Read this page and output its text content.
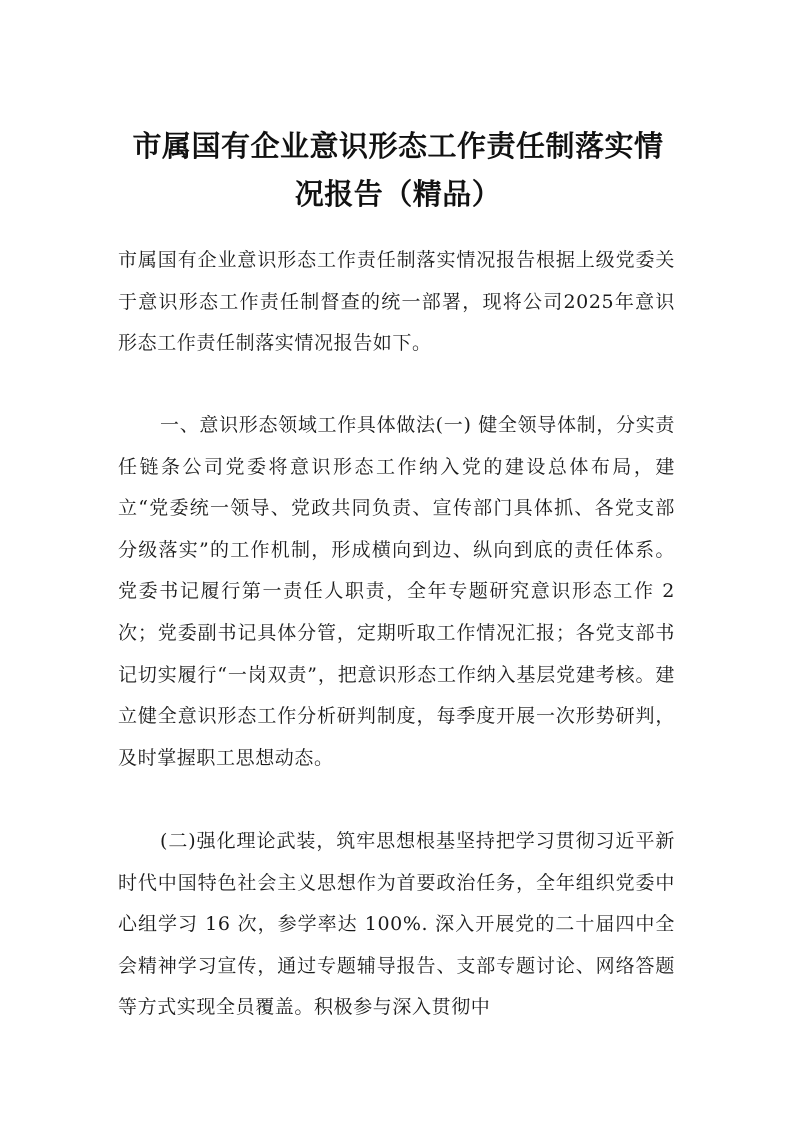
市属国有企业意识形态工作责任制落实情况报告（精品）

市属国有企业意识形态工作责任制落实情况报告根据上级党委关于意识形态工作责任制督查的统一部署，现将公司2025年意识形态工作责任制落实情况报告如下。

一、意识形态领域工作具体做法(一) 健全领导体制，分实责任链条公司党委将意识形态工作纳入党的建设总体布局，建立“党委统一领导、党政共同负责、宣传部门具体抓、各党支部分级落实”的工作机制，形成横向到边、纵向到底的责任体系。党委书记履行第一责任人职责，全年专题研究意识形态工作 2 次；党委副书记具体分管，定期听取工作情况汇报；各党支部书记切实履行“一岗双责”，把意识形态工作纳入基层党建考核。建立健全意识形态工作分析研判制度，每季度开展一次形势研判，及时掌握职工思想动态。

(二)强化理论武装，筑牢思想根基坚持把学习贯彻习近平新时代中国特色社会主义思想作为首要政治任务，全年组织党委中心组学习 16 次，参学率达 100%. 深入开展党的二十届四中全会精神学习宣传，通过专题辅导报告、支部专题讨论、网络答题等方式实现全员覆盖。积极参与深入贯彻中
